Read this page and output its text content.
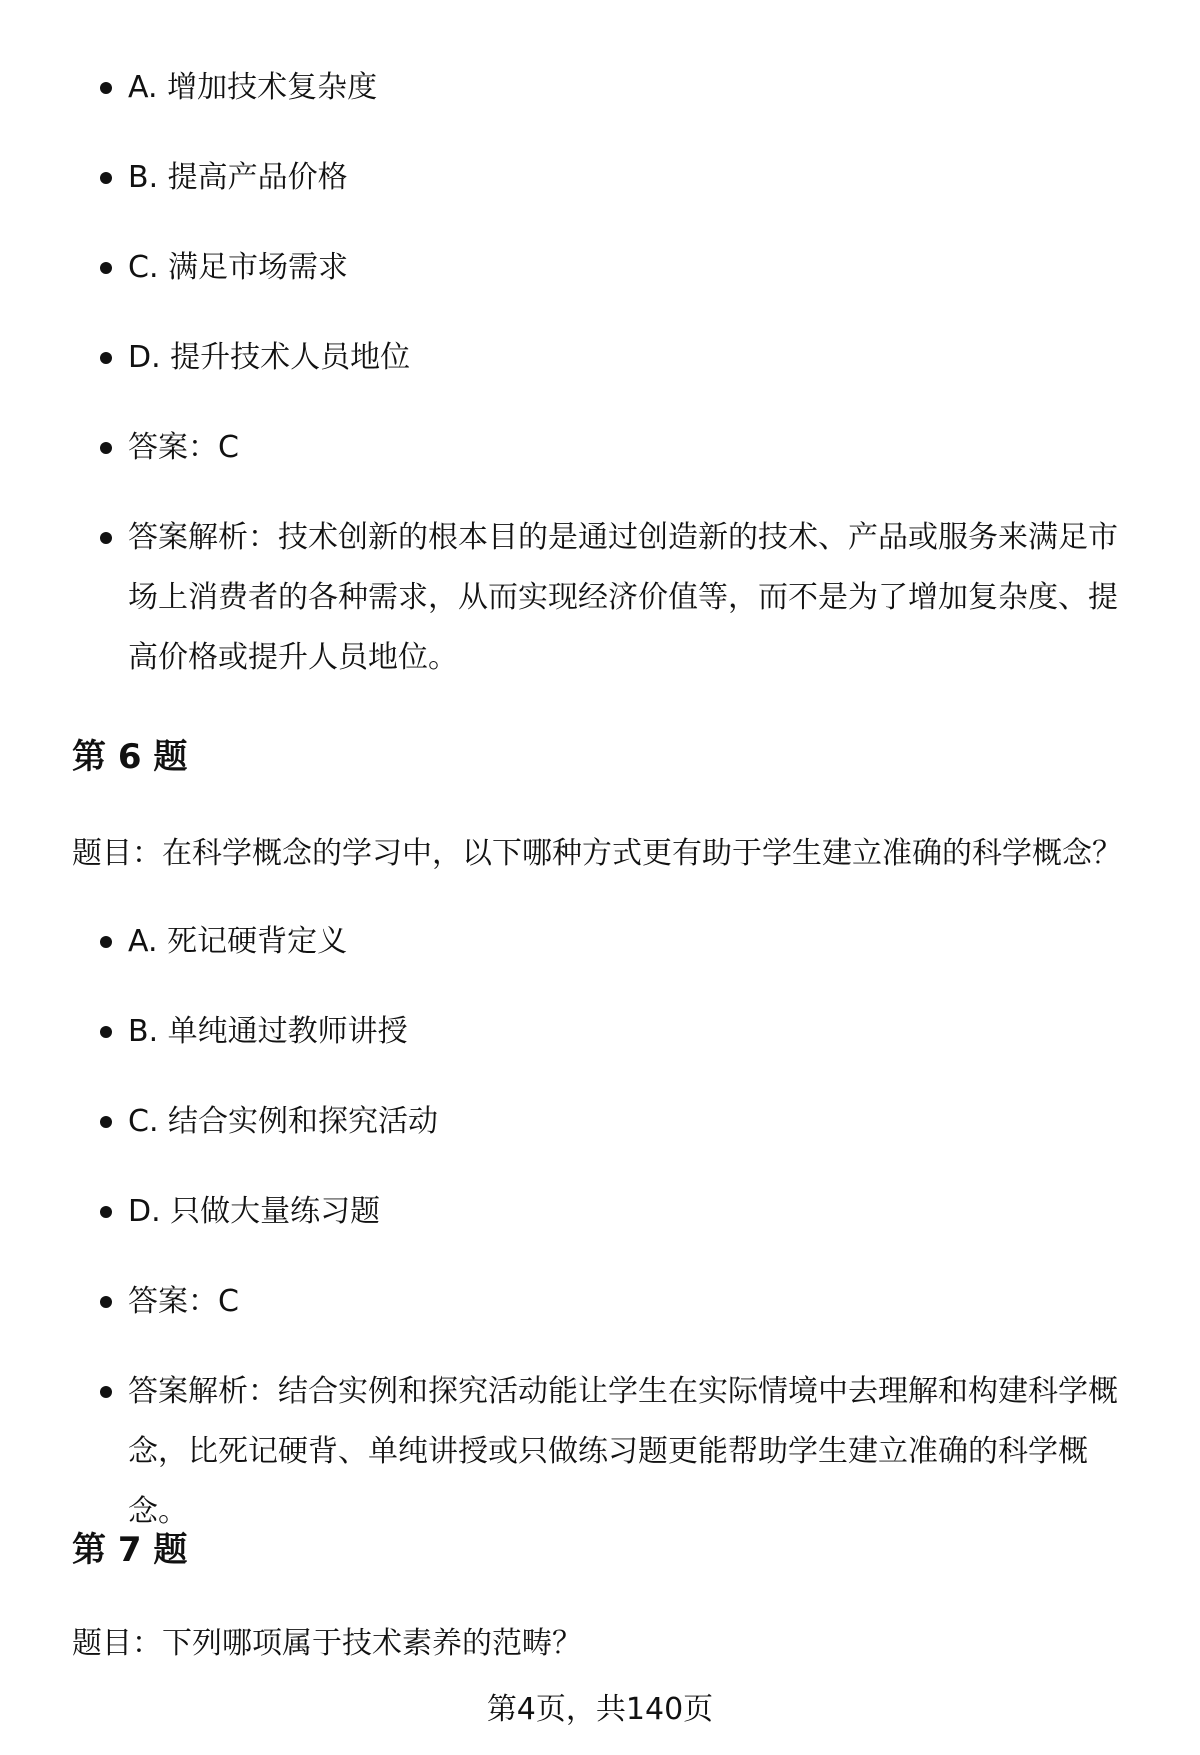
A. 增加技术复杂度

B. 提高产品价格

C. 满足市场需求

D. 提升技术人员地位

答案：C

答案解析：技术创新的根本目的是通过创造新的技术、产品或服务来满足市场上消费者的各种需求，从而实现经济价值等，而不是为了增加复杂度、提高价格或提升人员地位。

第 6 题

题目：在科学概念的学习中，以下哪种方式更有助于学生建立准确的科学概念？

A. 死记硬背定义

B. 单纯通过教师讲授

C. 结合实例和探究活动

D. 只做大量练习题

答案：C

答案解析：结合实例和探究活动能让学生在实际情境中去理解和构建科学概念，比死记硬背、单纯讲授或只做练习题更能帮助学生建立准确的科学概念。

第 7 题

题目：下列哪项属于技术素养的范畴？

第4页，共140页
